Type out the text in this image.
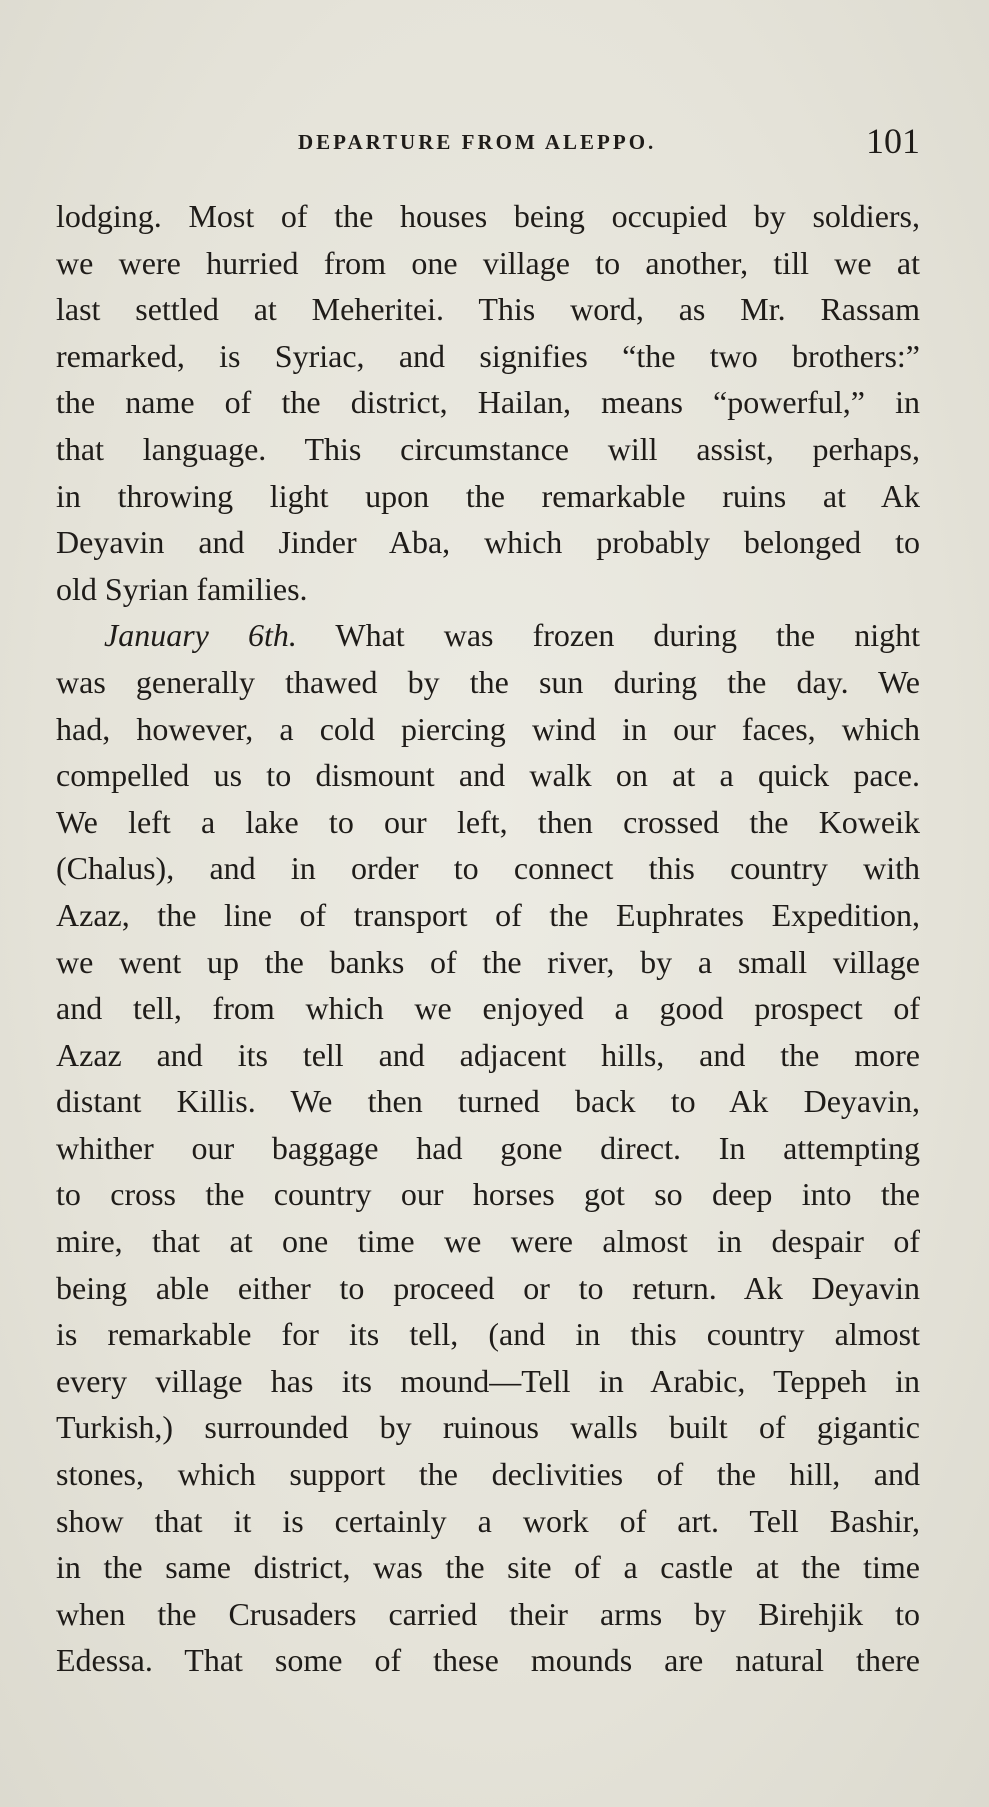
DEPARTURE FROM ALEPPO.	101
lodging. Most of the houses being occupied by soldiers,
we were hurried from one village to another, till we at
last settled at Meheritei. This word, as Mr. Rassam
remarked, is Syriac, and signifies “the two brothers:”
the name of the district, Hailan, means “powerful,” in
that language. This circumstance will assist, perhaps,
in throwing light upon the remarkable ruins at Ak
Deyavin and Jinder Aba, which probably belonged to
old Syrian families.
January 6th. What was frozen during the night
was generally thawed by the sun during the day. We
had, however, a cold piercing wind in our faces, which
compelled us to dismount and walk on at a quick pace.
We left a lake to our left, then crossed the Koweik
(Chalus), and in order to connect this country with
Azaz, the line of transport of the Euphrates Expedition,
we went up the banks of the river, by a small village
and tell, from which we enjoyed a good prospect of
Azaz and its tell and adjacent hills, and the more
distant Killis. We then turned back to Ak Deyavin,
whither our baggage had gone direct. In attempting
to cross the country our horses got so deep into the
mire, that at one time we were almost in despair of
being able either to proceed or to return. Ak Deyavin
is remarkable for its tell, (and in this country almost
every village has its mound—Tell in Arabic, Teppeh in
Turkish,) surrounded by ruinous walls built of gigantic
stones, which support the declivities of the hill, and
show that it is certainly a work of art. Tell Bashir,
in the same district, was the site of a castle at the time
when the Crusaders carried their arms by Birehjik to
Edessa. That some of these mounds are natural there
